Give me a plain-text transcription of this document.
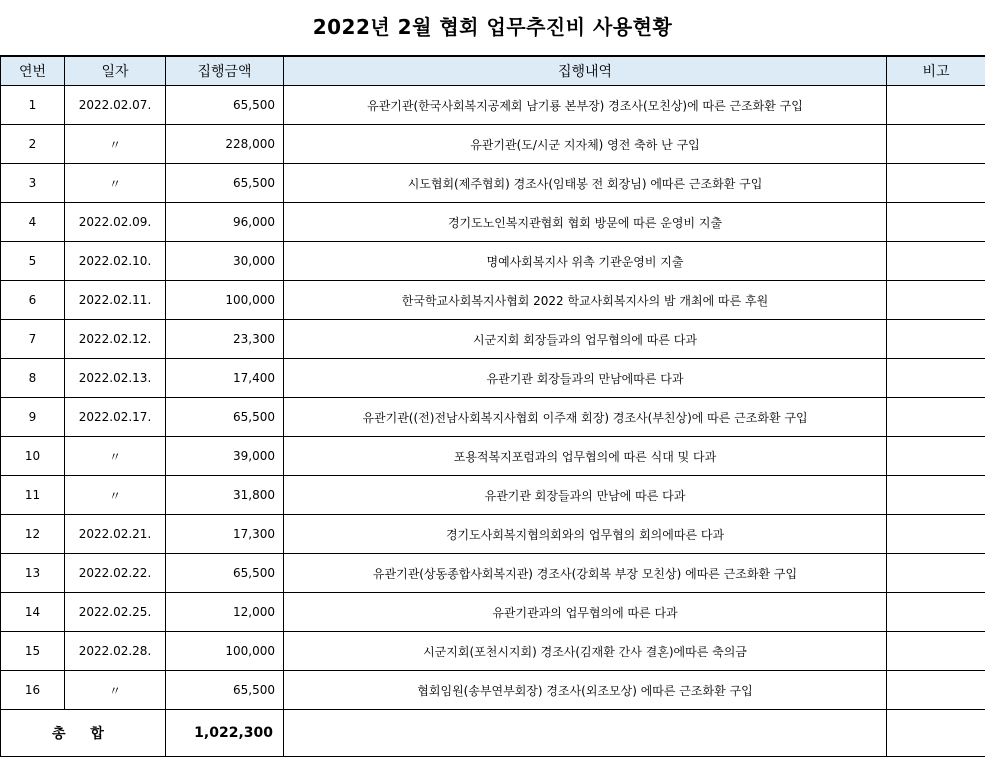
2022년 2월 협회 업무추진비 사용현황
연번	일자	집행금액	집행내역	비고
1	2022.02.07.	65,500	유관기관(한국사회복지공제회 남기룡 본부장) 경조사(모친상)에 따른 근조화환 구입	
2	〃	228,000	유관기관(도/시군 지자체) 영전 축하 난 구입	
3	〃	65,500	시도협회(제주협회) 경조사(임태봉 전 회장님) 에따른 근조화환 구입	
4	2022.02.09.	96,000	경기도노인복지관협회 협회 방문에 따른 운영비 지출	
5	2022.02.10.	30,000	명예사회복지사 위촉 기관운영비 지출	
6	2022.02.11.	100,000	한국학교사회복지사협회 2022 학교사회복지사의 밤 개최에 따른 후원	
7	2022.02.12.	23,300	시군지회 회장들과의 업무협의에 따른 다과	
8	2022.02.13.	17,400	유관기관 회장들과의 만남에따른 다과	
9	2022.02.17.	65,500	유관기관((전)전남사회복지사협회 이주재 회장) 경조사(부친상)에 따른 근조화환 구입	
10	〃	39,000	포용적복지포럼과의 업무협의에 따른 식대 및 다과	
11	〃	31,800	유관기관 회장들과의 만남에 따른 다과	
12	2022.02.21.	17,300	경기도사회복지협의회와의 업무협의 회의에따른 다과	
13	2022.02.22.	65,500	유관기관(상동종합사회복지관) 경조사(강회복 부장 모친상) 에따른 근조화환 구입	
14	2022.02.25.	12,000	유관기관과의 업무협의에 따른 다과	
15	2022.02.28.	100,000	시군지회(포천시지회) 경조사(김재환 간사 결혼)에따른 축의금	
16	〃	65,500	협회임원(송부연부회장) 경조사(외조모상) 에따른 근조화환 구입	
총 합		1,022,300		
